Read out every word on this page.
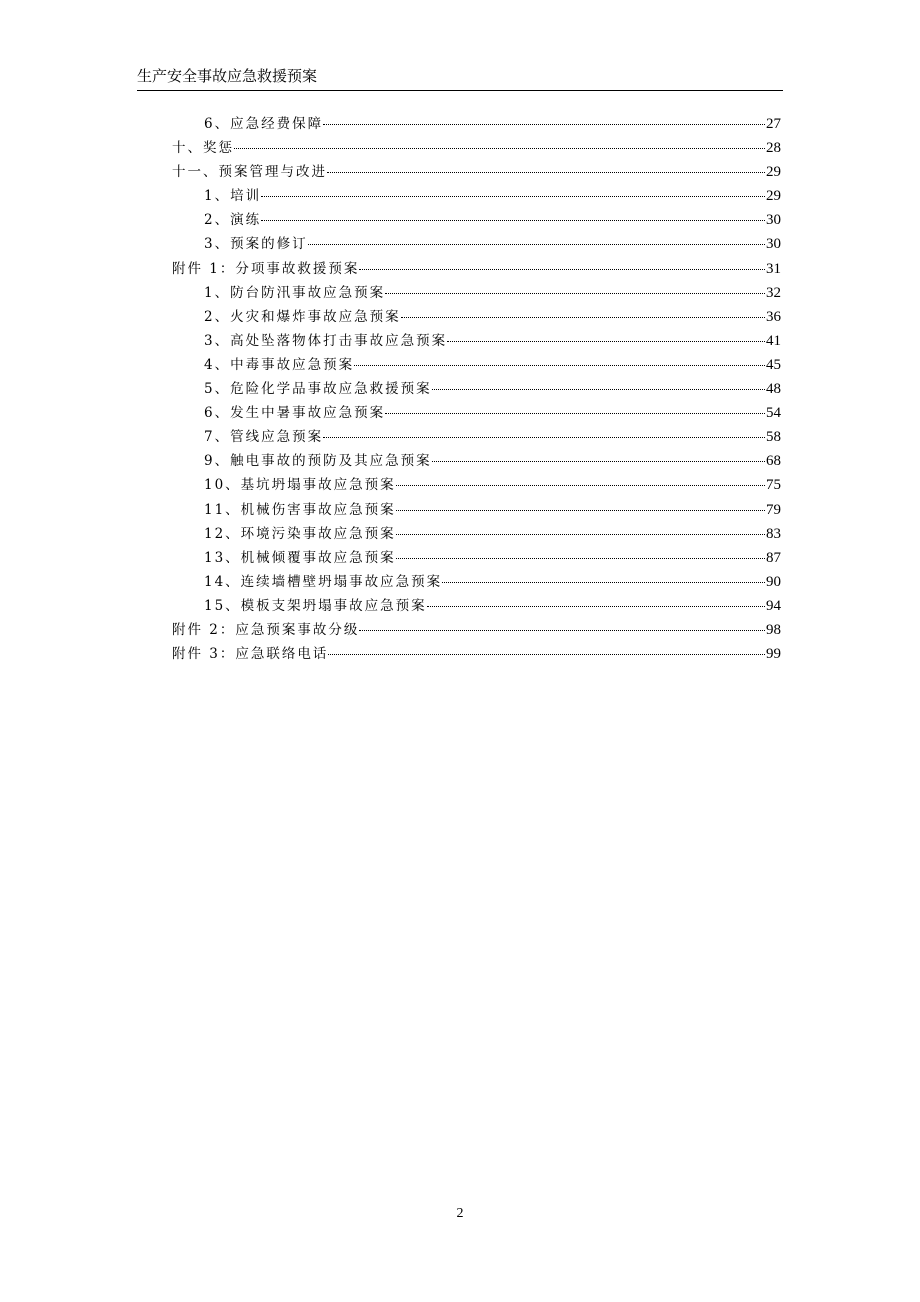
生产安全事故应急救援预案
6、应急经费保障	27
十、奖惩	28
十一、预案管理与改进	29
1、培训	29
2、演练	30
3、预案的修订	30
附件 1：分项事故救援预案	31
1、防台防汛事故应急预案	32
2、火灾和爆炸事故应急预案	36
3、高处坠落物体打击事故应急预案	41
4、中毒事故应急预案	45
5、危险化学品事故应急救援预案	48
6、发生中暑事故应急预案	54
7、管线应急预案	58
9、触电事故的预防及其应急预案	68
10、基坑坍塌事故应急预案	75
11、机械伤害事故应急预案	79
12、环境污染事故应急预案	83
13、机械倾覆事故应急预案	87
14、连续墙槽壁坍塌事故应急预案	90
15、模板支架坍塌事故应急预案	94
附件 2：应急预案事故分级	98
附件 3：应急联络电话	99
2
